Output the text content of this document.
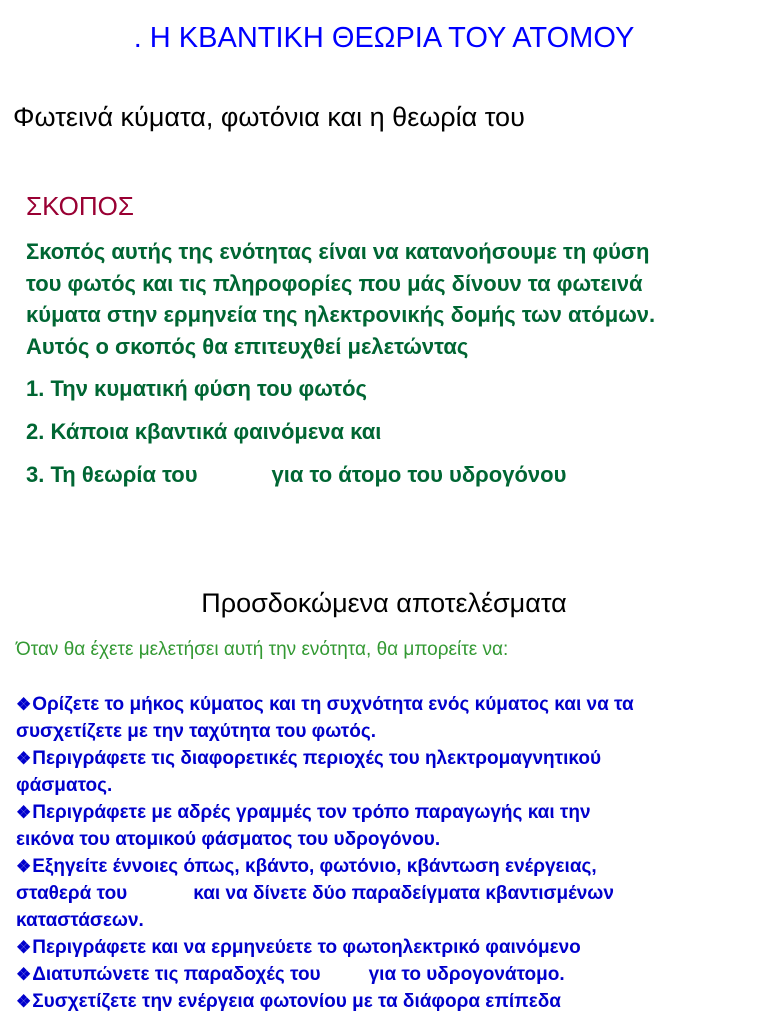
. Η ΚΒΑΝΤΙΚΗ ΘΕΩΡΙΑ ΤΟΥ ΑΤΟΜΟΥ
Φωτεινά κύματα, φωτόνια και η θεωρία του
ΣΚΟΠΟΣ
Σκοπός αυτής της ενότητας είναι να κατανοήσουμε τη φύση
του φωτός και τις πληροφορίες που μάς δίνουν τα φωτεινά
κύματα στην ερμηνεία της ηλεκτρονικής δομής των ατόμων.
Αυτός ο σκοπός θα επιτευχθεί μελετώντας
1. Την κυματική φύση του φωτός
2. Κάποια κβαντικά φαινόμενα και
3. Τη θεωρία του	για το άτομο του υδρογόνου
Προσδοκώμενα αποτελέσματα
Όταν θα έχετε μελετήσει αυτή την ενότητα, θα μπορείτε να:
❖Ορίζετε το μήκος κύματος και τη συχνότητα ενός κύματος και να τα
συσχετίζετε με την ταχύτητα του φωτός.
❖Περιγράφετε τις διαφορετικές περιοχές του ηλεκτρομαγνητικού
φάσματος.
❖Περιγράφετε με αδρές γραμμές τον τρόπο παραγωγής και την
εικόνα του ατομικού φάσματος του υδρογόνου.
❖Εξηγείτε έννοιες όπως, κβάντο, φωτόνιο, κβάντωση ενέργειας,
σταθερά του	και να δίνετε δύο παραδείγματα κβαντισμένων
καταστάσεων.
❖Περιγράφετε και να ερμηνεύετε το φωτοηλεκτρικό φαινόμενο
❖Διατυπώνετε τις παραδοχές του	για το υδρογονάτομο.
❖Συσχετίζετε την ενέργεια φωτονίου με τα διάφορα επίπεδα
